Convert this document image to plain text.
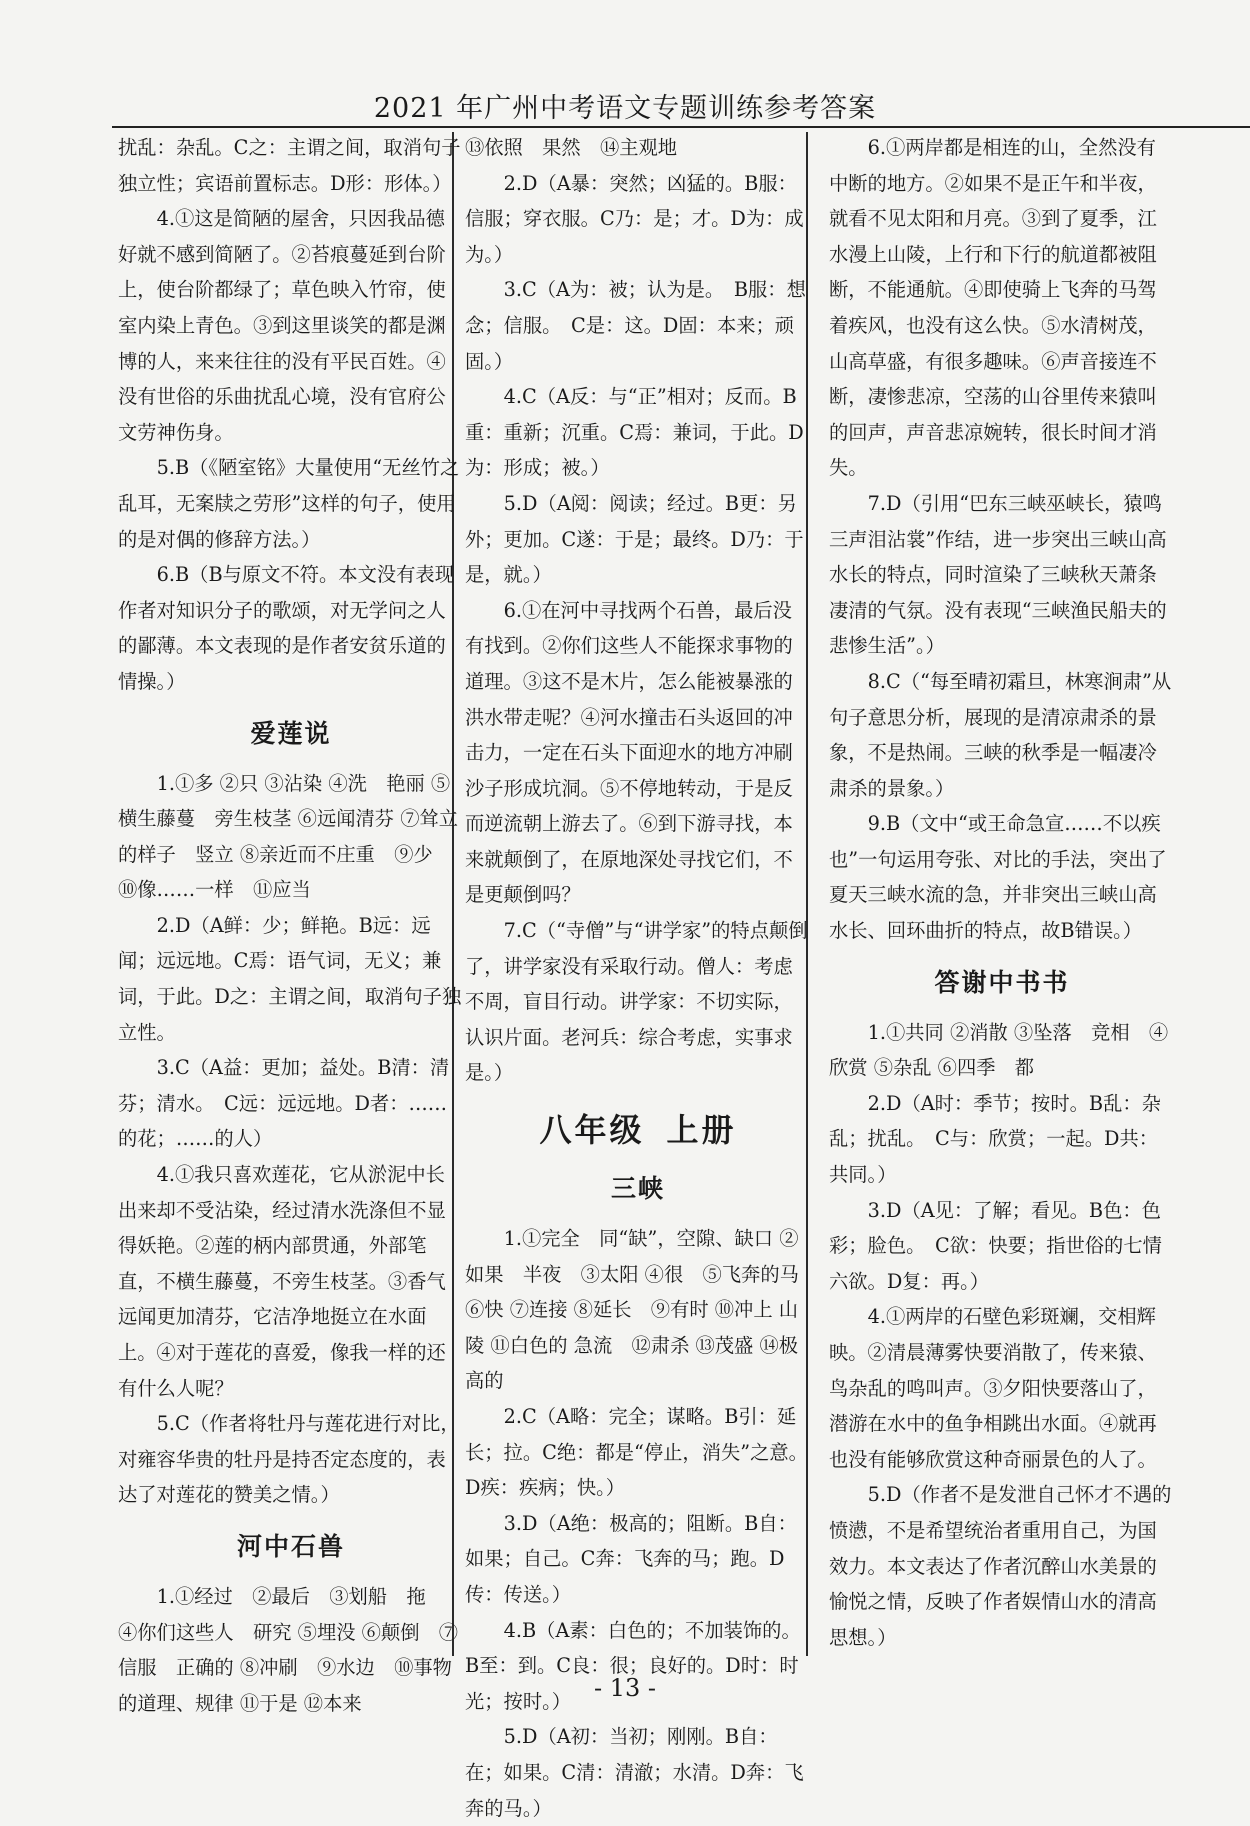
2021 年广州中考语文专题训练参考答案

扰乱：杂乱。C之：主谓之间，取消句子独立性；宾语前置标志。D形：形体。）

4.①这是简陋的屋舍，只因我品德好就不感到简陋了。②苔痕蔓延到台阶上，使台阶都绿了；草色映入竹帘，使室内染上青色。③到这里谈笑的都是渊博的人，来来往往的没有平民百姓。④没有世俗的乐曲扰乱心境，没有官府公文劳神伤身。

5.B（《陋室铭》大量使用“无丝竹之乱耳，无案牍之劳形”这样的句子，使用的是对偶的修辞方法。）

6.B（B与原文不符。本文没有表现作者对知识分子的歌颂，对无学问之人的鄙薄。本文表现的是作者安贫乐道的情操。）

爱莲说

1.①多 ②只 ③沾染 ④洗　艳丽 ⑤横生藤蔓　旁生枝茎 ⑥远闻清芬 ⑦耸立的样子　竖立 ⑧亲近而不庄重　⑨少　⑩像……一样　⑪应当

2.D（A鲜：少；鲜艳。B远：远闻；远远地。C焉：语气词，无义；兼词，于此。D之：主谓之间，取消句子独立性。

3.C（A益：更加；益处。B清：清芬；清水。　C远：远远地。D者：……的花；……的人）

4.①我只喜欢莲花，它从淤泥中长出来却不受沾染，经过清水洗涤但不显得妖艳。②莲的柄内部贯通，外部笔直，不横生藤蔓，不旁生枝茎。③香气远闻更加清芬，它洁净地挺立在水面上。④对于莲花的喜爱，像我一样的还有什么人呢？

5.C（作者将牡丹与莲花进行对比，对雍容华贵的牡丹是持否定态度的，表达了对莲花的赞美之情。）

河中石兽

1.①经过　②最后　③划船　拖　④你们这些人　研究 ⑤埋没 ⑥颠倒　⑦信服　正确的 ⑧冲刷　⑨水边　⑩事物的道理、规律 ⑪于是 ⑫本来

⑬依照　果然　⑭主观地

2.D（A暴：突然；凶猛的。B服：信服；穿衣服。C乃：是；才。D为：成为。）

3.C（A为：被；认为是。　B服：想念；信服。　C是：这。D固：本来；顽固。）

4.C（A反：与“正”相对；反而。B重：重新；沉重。C焉：兼词，于此。D为：形成；被。）

5.D（A阅：阅读；经过。B更：另外；更加。C遂：于是；最终。D乃：于是，就。）

6.①在河中寻找两个石兽，最后没有找到。②你们这些人不能探求事物的道理。③这不是木片，怎么能被暴涨的洪水带走呢？④河水撞击石头返回的冲击力，一定在石头下面迎水的地方冲刷沙子形成坑洞。⑤不停地转动，于是反而逆流朝上游去了。⑥到下游寻找，本来就颠倒了，在原地深处寻找它们，不是更颠倒吗？

7.C（“寺僧”与“讲学家”的特点颠倒了，讲学家没有采取行动。僧人：考虑不周，盲目行动。讲学家：不切实际，认识片面。老河兵：综合考虑，实事求是。）

八年级 上册
三峡

1.①完全　同“缺”，空隙、缺口 ②如果　半夜　③太阳 ④很　⑤飞奔的马 ⑥快 ⑦连接 ⑧延长　⑨有时 ⑩冲上 山陵 ⑪白色的 急流　⑫肃杀 ⑬茂盛 ⑭极高的

2.C（A略：完全；谋略。B引：延长；拉。C绝：都是“停止，消失”之意。D疾：疾病；快。）

3.D（A绝：极高的；阻断。B自：如果；自己。C奔：飞奔的马；跑。D传：传送。）

4.B（A素：白色的；不加装饰的。B至：到。C良：很；良好的。D时：时光；按时。）

5.D（A初：当初；刚刚。B自：在；如果。C清：清澈；水清。D奔：飞奔的马。）

6.①两岸都是相连的山，全然没有中断的地方。②如果不是正午和半夜，就看不见太阳和月亮。③到了夏季，江水漫上山陵，上行和下行的航道都被阻断，不能通航。④即使骑上飞奔的马驾着疾风，也没有这么快。⑤水清树茂，山高草盛，有很多趣味。⑥声音接连不断，凄惨悲凉，空荡的山谷里传来猿叫的回声，声音悲凉婉转，很长时间才消失。

7.D（引用“巴东三峡巫峡长，猿鸣三声泪沾裳”作结，进一步突出三峡山高水长的特点，同时渲染了三峡秋天萧条凄清的气氛。没有表现“三峡渔民船夫的悲惨生活”。）

8.C（“每至晴初霜旦，林寒涧肃”从句子意思分析，展现的是清凉肃杀的景象，不是热闹。三峡的秋季是一幅凄冷肃杀的景象。）

9.B（文中“或王命急宣……不以疾也”一句运用夸张、对比的手法，突出了夏天三峡水流的急，并非突出三峡山高水长、回环曲折的特点，故B错误。）

答谢中书书

1.①共同 ②消散 ③坠落　竞相　④欣赏 ⑤杂乱 ⑥四季　都

2.D（A时：季节；按时。B乱：杂乱；扰乱。　C与：欣赏；一起。D共：共同。）

3.D（A见：了解；看见。B色：色彩；脸色。　C欲：快要；指世俗的七情六欲。D复：再。）

4.①两岸的石壁色彩斑斓，交相辉映。②清晨薄雾快要消散了，传来猿、鸟杂乱的鸣叫声。③夕阳快要落山了，潜游在水中的鱼争相跳出水面。④就再也没有能够欣赏这种奇丽景色的人了。

5.D（作者不是发泄自己怀才不遇的愤懑，不是希望统治者重用自己，为国效力。本文表达了作者沉醉山水美景的愉悦之情，反映了作者娱情山水的清高思想。）

- 13 -
